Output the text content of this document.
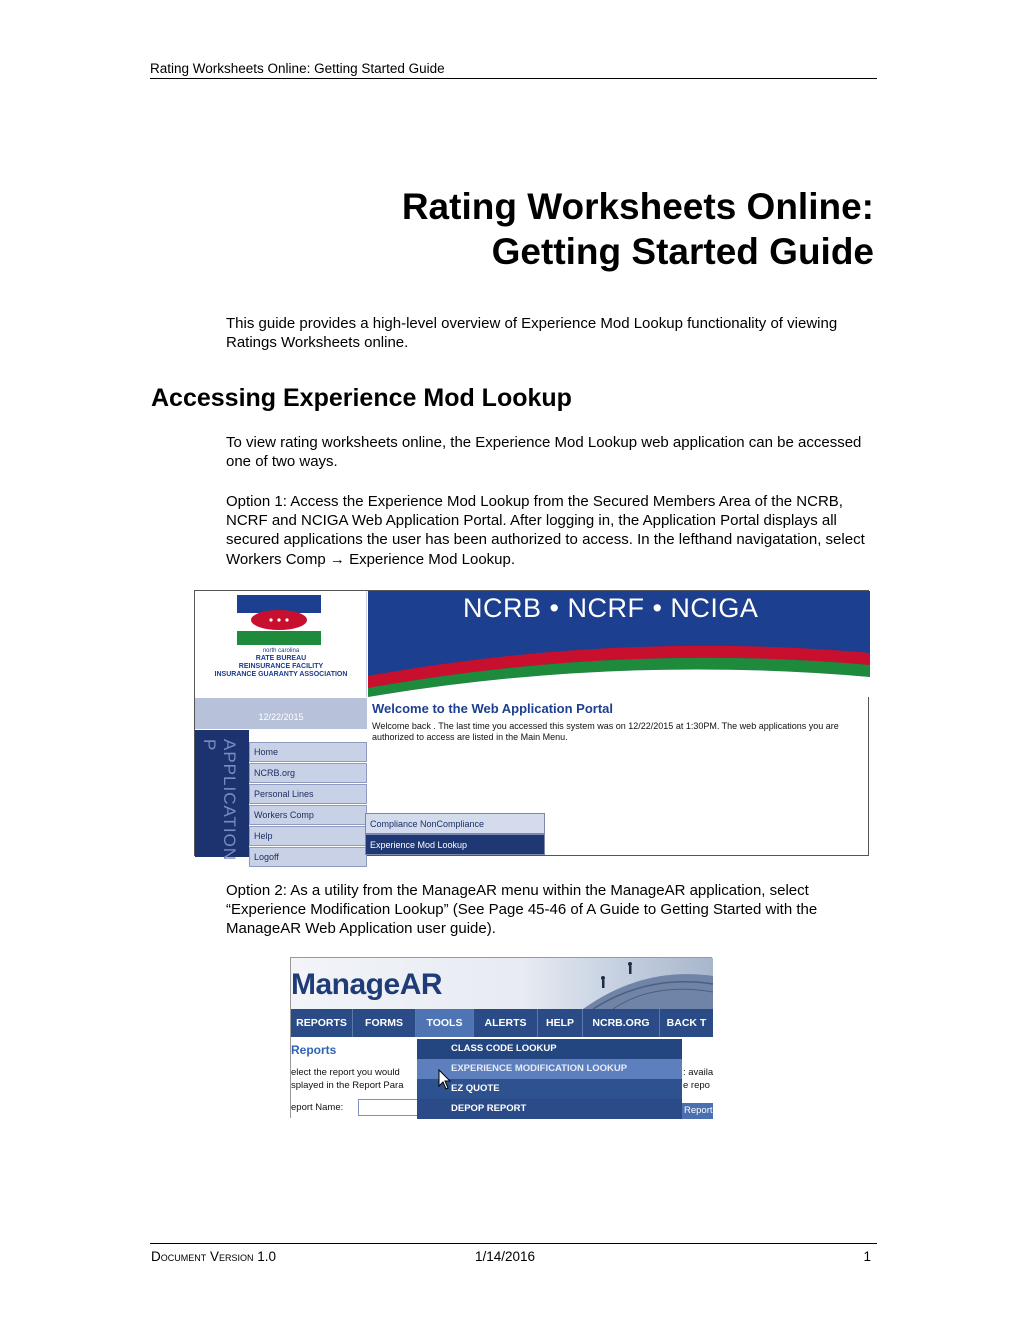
Rating Worksheets Online: Getting Started Guide
Rating Worksheets Online:
Getting Started Guide
This guide provides a high-level overview of Experience Mod Lookup functionality of viewing Ratings Worksheets online.
Accessing Experience Mod Lookup
To view rating worksheets online, the Experience Mod Lookup web application can be accessed one of two ways.
Option 1: Access the Experience Mod Lookup from the Secured Members Area of the NCRB, NCRF and NCIGA Web Application Portal. After logging in, the Application Portal displays all secured applications the user has been authorized to access. In the lefthand navigatation, select Workers Comp → Experience Mod Lookup.
north carolina
RATE BUREAU
REINSURANCE FACILITY
INSURANCE GUARANTY ASSOCIATION
NCRB • NCRF • NCIGA
12/22/2015
APPLICATION P
Home
NCRB.org
Personal Lines
Workers Comp
Help
Logoff
Welcome to the Web Application Portal
Welcome back . The last time you accessed this system was on 12/22/2015 at 1:30PM. The web applications you are authorized to access are listed in the Main Menu.
Compliance NonCompliance
Experience Mod Lookup
Option 2: As a utility from the ManageAR menu within the ManageAR application, select “Experience Modification Lookup” (See Page 45-46 of A Guide to Getting Started with the ManageAR Web Application user guide).
ManageAR
REPORTS	FORMS	TOOLS	ALERTS	HELP	NCRB.ORG	BACK T
Reports
elect the report you would
splayed in the Report Para
: availa
e repo
eport Name:	Report
CLASS CODE LOOKUP
EXPERIENCE MODIFICATION LOOKUP
EZ QUOTE
DEPOP REPORT
Document Version 1.0	1/14/2016	1
